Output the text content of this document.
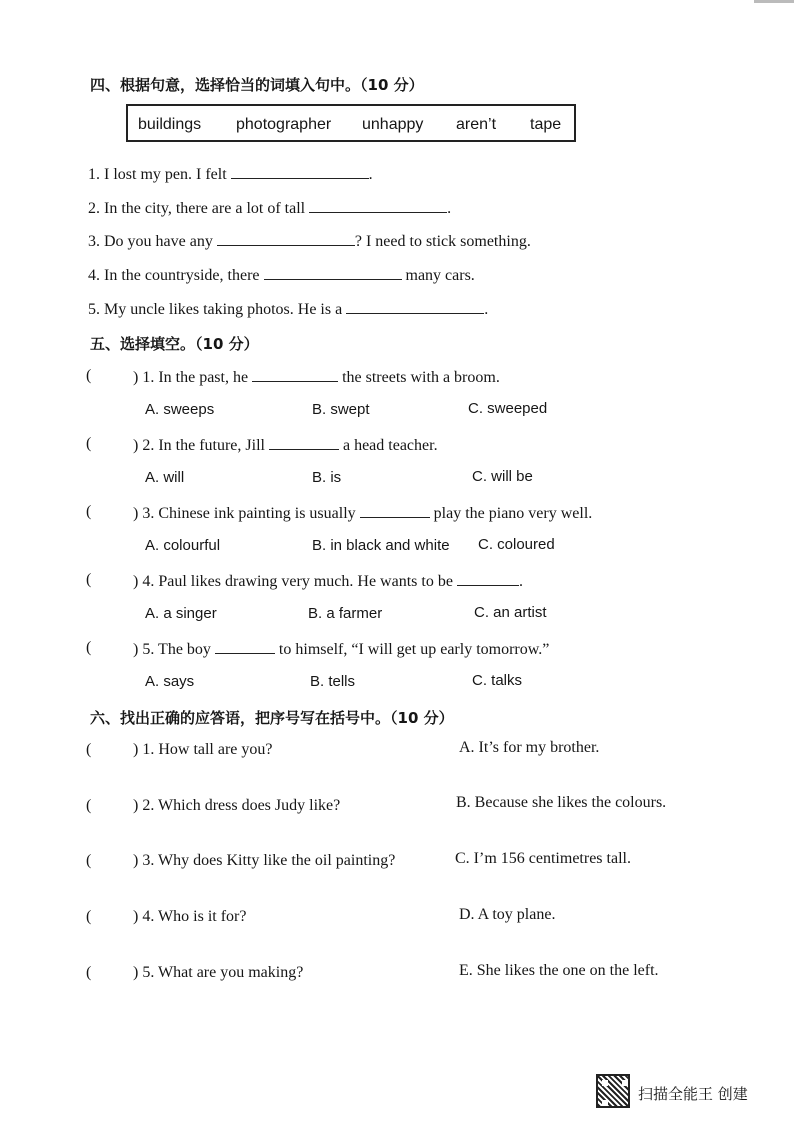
四、根据句意，选择恰当的词填入句中。（10 分）
buildings photographer unhappy aren’t tape
1. I lost my pen. I felt	.
2. In the city, there are a lot of tall	.
3. Do you have any	? I need to stick something.
4. In the countryside, there	many cars.
5. My uncle likes taking photos. He is a	.
五、选择填空。（10 分）
(	) 1. In the past, he	the streets with a broom.
A. sweeps	B. swept	C. sweeped
(	) 2. In the future, Jill	a head teacher.
A. will	B. is	C. will be
(	) 3. Chinese ink painting is usually	play the piano very well.
A. colourful	B. in black and white C. coloured
(	) 4. Paul likes drawing very much. He wants to be	.
A. a singer	B. a farmer	C. an artist
(	) 5. The boy	to himself, “I will get up early tomorrow.”
A. says	B. tells	C. talks
六、找出正确的应答语，把序号写在括号中。（10 分）
(	) 1. How tall are you?	A. It’s for my brother.
(	) 2. Which dress does Judy like?	B. Because she likes the colours.
(	) 3. Why does Kitty like the oil painting?	C. I’m 156 centimetres tall.
(	) 4. Who is it for?	D. A toy plane.
(	) 5. What are you making?	E. She likes the one on the left.
扫描全能王 创建
